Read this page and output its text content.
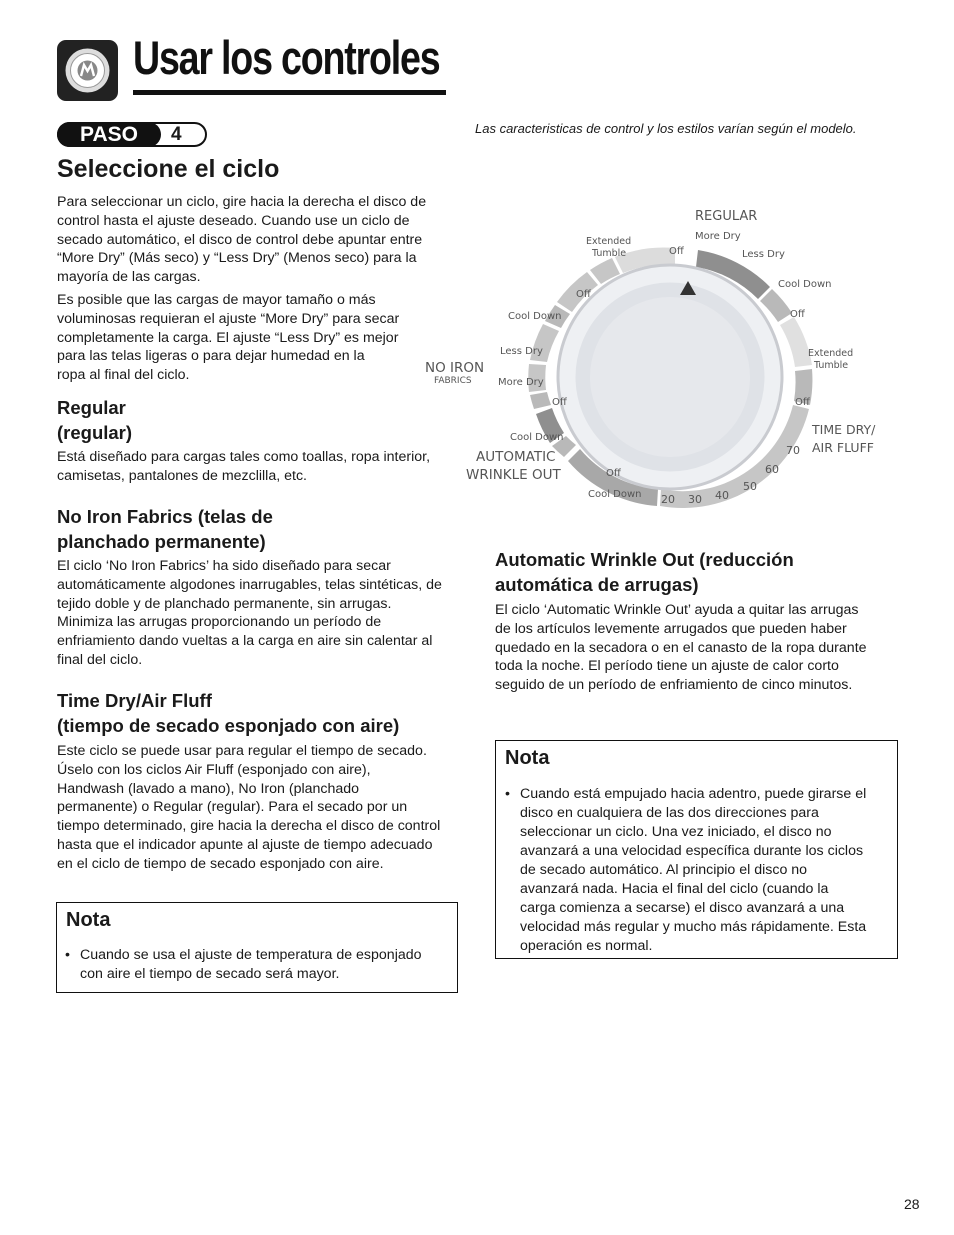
Usar los controles
PASO	4	Las caracteristicas de control y los estilos varían según el modelo.
Seleccione el ciclo
Para seleccionar un ciclo, gire hacia la derecha el disco de
control hasta el ajuste deseado. Cuando use un ciclo de
secado automático, el disco de control debe apuntar entre
“More Dry” (Más seco) y “Less Dry” (Menos seco) para la
mayoría de las cargas.
Es posible que las cargas de mayor tamaño o más
voluminosas requieran el ajuste “More Dry” para secar
completamente la carga. El ajuste “Less Dry” es mejor
para las telas ligeras o para dejar humedad en la
ropa al final del ciclo.
Regular
(regular)
Está diseñado para cargas tales como toallas, ropa interior,
camisetas, pantalones de mezclilla, etc.
No Iron Fabrics (telas de
planchado permanente)
El ciclo ‘No Iron Fabrics’ ha sido diseñado para secar
automáticamente algodones inarrugables, telas sintéticas, de
tejido doble y de planchado permanente, sin arrugas.
Minimiza las arrugas proporcionando un período de
enfriamiento dando vueltas a la carga en aire sin calentar al
final del ciclo.
Time Dry/Air Fluff
(tiempo de secado esponjado con aire)
Este ciclo se puede usar para regular el tiempo de secado.
Úselo con los ciclos Air Fluff (esponjado con aire),
Handwash (lavado a mano), No Iron (planchado
permanente) o Regular (regular). Para el secado por un
tiempo determinado, gire hacia la derecha el disco de control
hasta que el indicador apunte al ajuste de tiempo adecuado
en el ciclo de tiempo de secado esponjado con aire.
Nota
• Cuando se usa el ajuste de temperatura de esponjado
con aire el tiempo de secado será mayor.
REGULAR
More Dry
Less Dry
Cool Down
Off
Extended
Tumble
Off
TIME DRY/
AIR FLUFF
70
60
50
40
30
20
Cool Down
Off
AUTOMATIC
WRINKLE OUT
Cool Down
Off
More Dry
Less Dry
NO IRON
FABRICS
Cool Down
Off
Extended
Tumble	Off
Automatic Wrinkle Out (reducción
automática de arrugas)
El ciclo ‘Automatic Wrinkle Out’ ayuda a quitar las arrugas
de los artículos levemente arrugados que pueden haber
quedado en la secadora o en el canasto de la ropa durante
toda la noche. El período tiene un ajuste de calor corto
seguido de un período de enfriamiento de cinco minutos.
Nota
• Cuando está empujado hacia adentro, puede girarse el
disco en cualquiera de las dos direcciones para
seleccionar un ciclo. Una vez iniciado, el disco no
avanzará a una velocidad específica durante los ciclos
de secado automático. Al principio el disco no
avanzará nada. Hacia el final del ciclo (cuando la
carga comienza a secarse) el disco avanzará a una
velocidad más regular y mucho más rápidamente. Esta
operación es normal.
28
